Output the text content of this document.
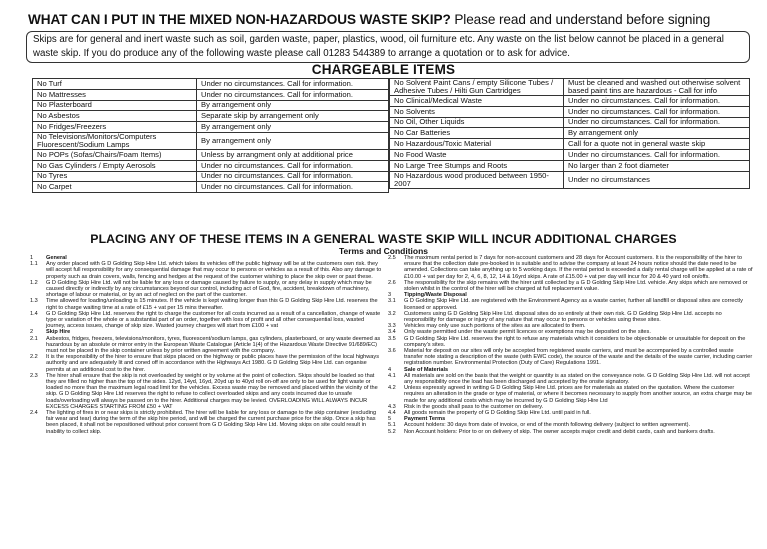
WHAT CAN I PUT IN THE MIXED NON-HAZARDOUS WASTE SKIP? Please read and understand before signing
Skips are for general and inert waste such as soil, garden waste, paper, plastics, wood, oil furniture etc. Any waste on the list below cannot be placed in a general waste skip. If you do produce any of the following waste please call 01283 544389 to arrange a quotation or to ask for advice.
CHARGEABLE ITEMS
No Turf	Under no circumstances. Call for information.
No Mattresses	Under no circumstances. Call for information.
No Plasterboard	By arrangement only
No Asbestos	Separate skip by arrangement only
No Fridges/Freezers	By arrangement only
No Televisions/Monitors/Computers Fluorescent/Sodium Lamps	By arrangement only
No POPs (Sofas/Chairs/Foam Items)	Unless by arrangment only at additional price
No Gas Cylinders / Empty Aerosols	Under no circumstances. Call for information.
No Tyres	Under no circumstances. Call for information.
No Carpet	Under no circumstances. Call for information.
No Solvent Paint Cans / empty Silicone Tubes / Adhesive Tubes / Hilti Gun Cartridges	Must be cleaned and washed out otherwise solvent based paint tins are hazardous - Call for info
No Clinical/Medical Waste	Under no circumstances. Call for information.
No Solvents	Under no circumstances. Call for information.
No Oil, Other Liquids	Under no circumstances. Call for information.
No Car Batteries	By arrangement only
No Hazardous/Toxic Material	Call for a quote not in general waste skip
No Food Waste	Under no circumstances. Call for information.
No Large Tree Stumps and Roots	No larger than 2 foot diameter
No Hazardous wood produced between 1950-2007	Under no circumstances
PLACING ANY OF THESE ITEMS IN A GENERAL WASTE SKIP WILL INCUR ADDITIONAL CHARGES
Terms and Conditions
1	General
1.1	Any order placed with G D Golding Skip Hire Ltd. which takes its vehicles off the public highway will be at the customers own risk. they will accept full responsibility for any consequential damage that may occur to persons or vehicles as a result of this. Also any damage to property such as drain covers, walls, fencing and hedges at the request of the customer wishing to place the skip over or past these.
1.2	G D Golding Skip Hire Ltd. will not be liable for any loss or damage caused by failure to supply, or any delay in supply which may be caused directly or indirectly by any circumstances beyond our control, including act of God, fire, accident, breakdown of machinery, shortage of labour or material, or by an act of neglect on the part of the customer.
1.3	Time allowed for loading/unloading is 15 minutes. If the vehicle is kept waiting longer than this G D Golding Skip Hire Ltd. reserves the right to charge waiting time at a rate of £15 + vat per 15 mins thereafter.
1.4	G D Golding Skip Hire Ltd. reserves the right to charge the customer for all costs incurred as a result of a cancellation, change of waste type or variation of the whole or a substantial part of an order, together with loss of profit and all other consequential loss, wasted journey, access issues, change of skip size. Wasted journey charges will start from £100 + vat
2	Skip Hire
2.1	Asbestos, fridges, freezers, televisions/monitors, tyres, fluorescent/sodium lamps, gas cylinders, plasterboard, or any waste deemed as hazardous by an absolute or mirror entry in the European Waste Catalogue (Article 1(4) of the Hazardous Waste Directive 91/689/EC) must not be placed in the skip container unless by prior written agreement with the company.
2.2	It is the responsibility of the hirer to ensure that skips placed on the highway or public places have the permission of the local highways authority and are adequately lit and coned off in accordance with the Highways Act 1980. G D Golding Skip Hire Ltd. can organise permits at an additional cost to the hirer.
2.3	The hirer shall ensure that the skip is not overloaded by weight or by volume at the point of collection. Skips should be loaded so that they are filled no higher than the top of the sides. 12yd, 14yd, 16yd, 20yd up to 40yd roll on-off are only to be used for light waste or loaded no more than the maximum legal road limit for the vehicles. Excess waste may be removed and placed within the vicinity of the skip. G D Golding Skip Hire Ltd reserves the right to refuse to collect overloaded skips and any costs incurred due to unsafe loads/overloading will always be passed on to the hirer. Additional charges may be levied. OVERLOADING WILL ALWAYS INCUR EXCESS CHARGES STARTING FROM £50 + VAT
2.4	The lighting of fires in or near skips is strictly prohibited. The hirer will be liable for any loss or damage to the skip container (excluding fair wear and tear) during the term of the skip hire period, and will be charged the current purchase price for the skip. Once a skip has been placed, it shall not be repositioned without prior consent from G D Golding Skip Hire Ltd. Moving skips on site could result in inability to collect skip.
2.5	The maximum rental period is 7 days for non-account customers and 28 days for Account customers. It is the responsibility of the hirer to ensure that the collection date pre-booked in is suitable and to advise the company at least 24 hours notice should the date need to be amended. Collections can take anything up to 5 working days. If the rental period is exceeded a daily rental charge will be applied at a rate of £10.00 + vat per day for 2, 4, 6, 8, 12, 14 & 16yrd skips. A rate of £15.00 + vat per day will incur for 20 & 40 yard roll on/offs.
2.6	The responsibility for the skip remains with the hirer until collected by a G D Golding Skip Hire Ltd. vehicle. Any skips which are removed or stolen whilst in the control of the hirer will be charged at full replacement value.
3	Tipping/Waste Disposal
3.1	G D Golding Skip Hire Ltd. are registered with the Environment Agency as a waste carrier, further all landfill or disposal sites are correctly licensed or approved.
3.2	Customers using G D Golding Skip Hire Ltd. disposal sites do so entirely at their own risk. G D Golding Skip Hire Ltd. accepts no responsibility for damage or injury of any nature that may occur to persons or vehicles using these sites.
3.3	Vehicles may only use such portions of the sites as are allocated to them.
3.4	Only waste permitted under the waste permit licences or exemptions may be deposited on the sites.
3.5	G D Golding Skip Hire Ltd. reserves the right to refuse any materials which it considers to be objectionable or unsuitable for deposit on the company's sites.
3.6	Material for deposit on our sites will only be accepted from registered waste carriers, and must be accompanied by a controlled waste transfer note stating a description of the waste (with EWC code), the source of the waste and the details of the waste carrier, including carrier registration number. Environmental Protection (Duty of Care) Regulations 1991.
4	Sale of Materials
4.1	All materials are sold on the basis that the weight or quantity is as stated on the conveyance note. G D Golding Skip Hire Ltd. will not accept any responsibility once the load has been discharged and accepted by the onsite signatory.
4.2	Unless expressly agreed in writing G D Golding Skip Hire Ltd. prices are for materials as stated on the quotation. Where the customer requires an alteration in the grade or type of material, or where it becomes necessary to supply from another source, an extra charge may be made for any additional costs which may be incurred by G D Golding Skip Hire Ltd
4.3	Risk in the goods shall pass to the customer on delivery.
4.4	All goods remain the property of G D Golding Skip Hire Ltd. until paid in full.
5	Payment Terms
5.1	Account holders: 30 days from date of invoice, or end of the month following delivery (subject to written agreement).
5.2	Non Account holders: Prior to or on delivery of skip. The owner accepts major credit and debit cards, cash and bankers drafts.
